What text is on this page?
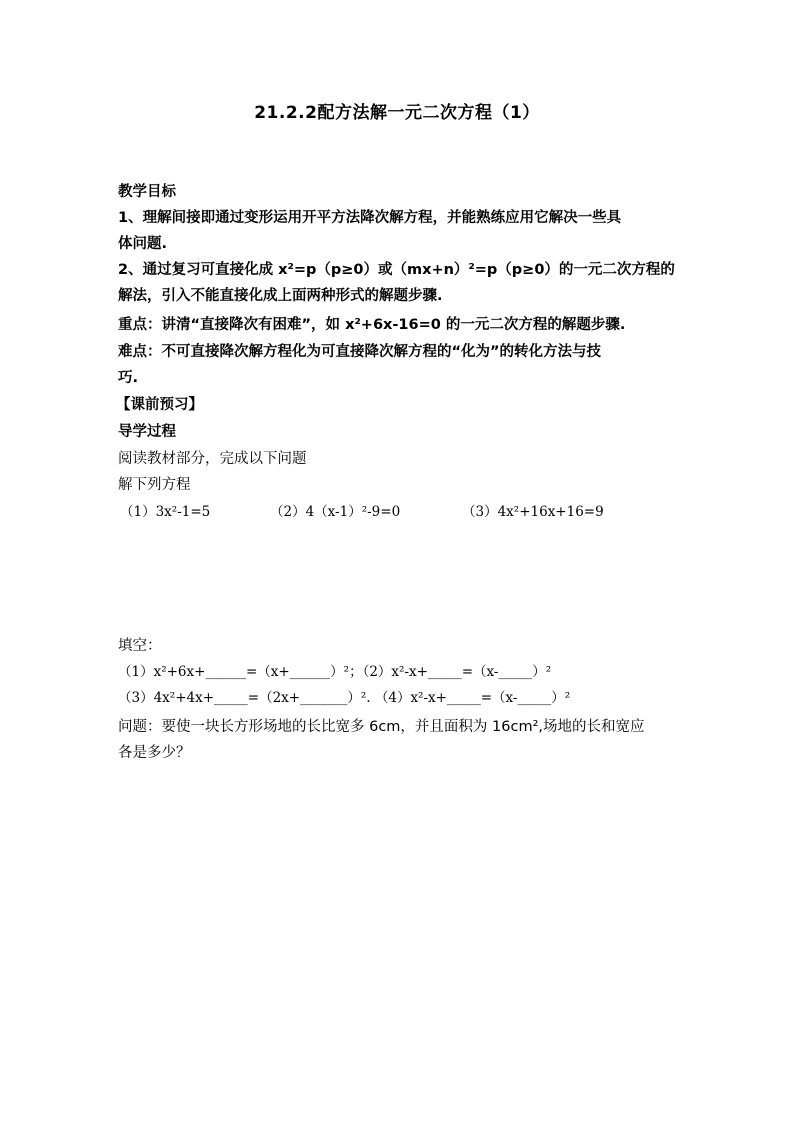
21.2.2配方法解一元二次方程（1）
教学目标
1、理解间接即通过变形运用开平方法降次解方程，并能熟练应用它解决一些具
体问题.
2、通过复习可直接化成 x²=p（p≥0）或（mx+n）²=p（p≥0）的一元二次方程的
解法，引入不能直接化成上面两种形式的解题步骤.
重点：讲清“直接降次有困难”，如 x²+6x-16=0 的一元二次方程的解题步骤.
难点：不可直接降次解方程化为可直接降次解方程的“化为”的转化方法与技
巧.
【课前预习】
导学过程
阅读教材部分，完成以下问题
解下列方程
（1）3x²-1=5	（2）4（x-1）²-9=0	（3）4x²+16x+16=9
填空：
（1）x²+6x+______=（x+______）²；（2）x²-x+_____=（x-_____）²
（3）4x²+4x+_____=（2x+_______）². （4）x²-x+_____=（x-_____）²
问题：要使一块长方形场地的长比宽多 6cm，并且面积为 16cm²,场地的长和宽应
各是多少？
